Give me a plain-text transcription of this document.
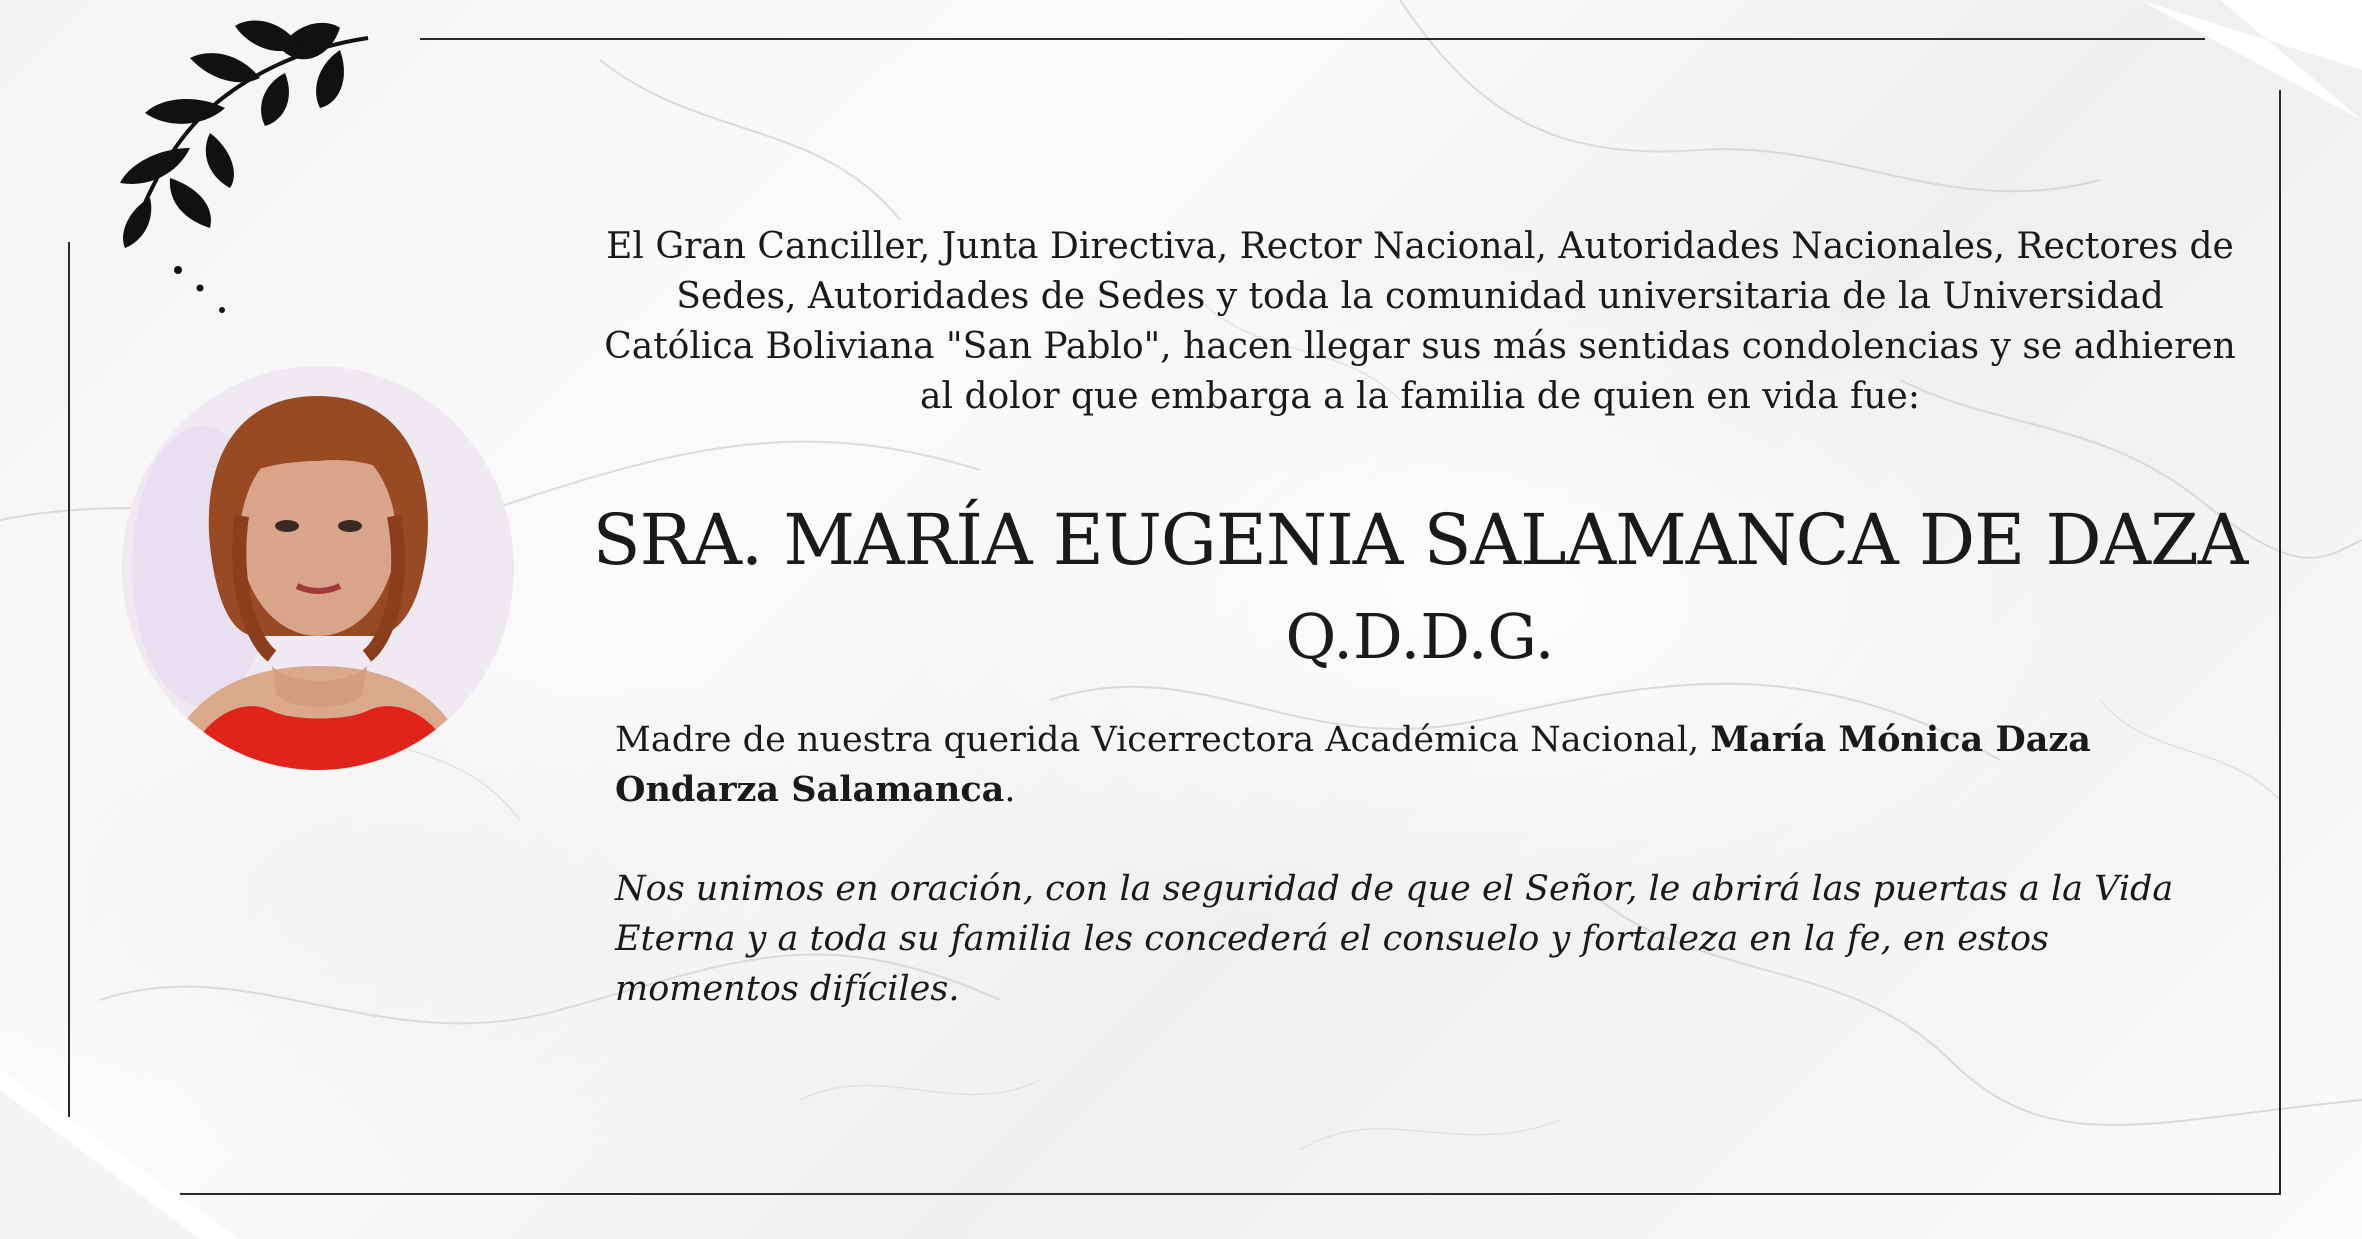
El Gran Canciller, Junta Directiva, Rector Nacional, Autoridades Nacionales, Rectores de Sedes, Autoridades de Sedes y toda la comunidad universitaria de la Universidad Católica Boliviana "San Pablo", hacen llegar sus más sentidas condolencias y se adhieren al dolor que embarga a la familia de quien en vida fue:

SRA. MARÍA EUGENIA SALAMANCA DE DAZA

Q.D.D.G.

Madre de nuestra querida Vicerrectora Académica Nacional, María Mónica Daza Ondarza Salamanca.

Nos unimos en oración, con la seguridad de que el Señor, le abrirá las puertas a la Vida Eterna y a toda su familia les concederá el consuelo y fortaleza en la fe, en estos momentos difíciles.
